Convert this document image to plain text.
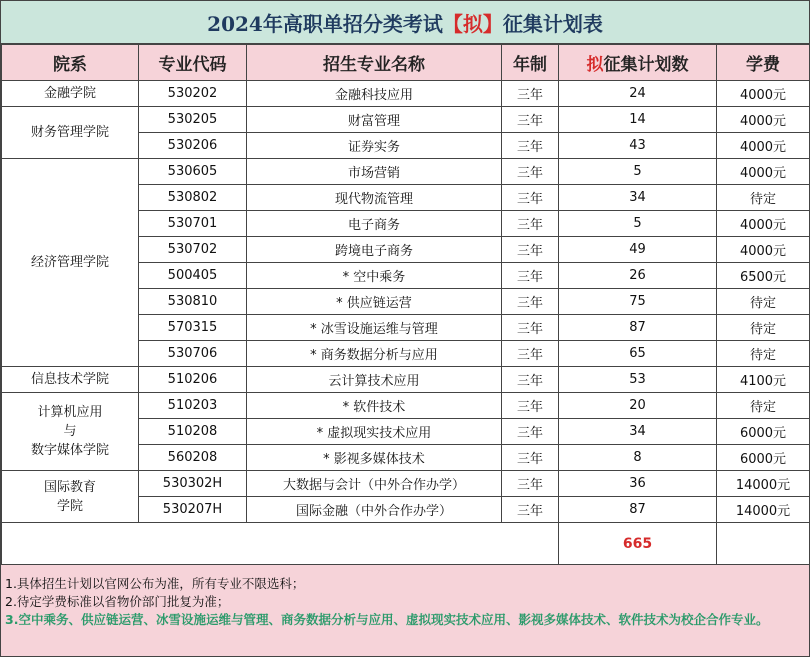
2024年高职单招分类考试 【拟】 征集计划表
院系	专业代码	招生专业名称	年制	拟征集计划数	学费

金融学院	530202	金融科技应用	三年	24	4000元

财务管理学院	530205	财富管理	三年	14	4000元
	530206	证券实务	三年	43	4000元

经济管理学院	530605	市场营销	三年	5	4000元
	530802	现代物流管理	三年	34	待定
	530701	电子商务	三年	5	4000元
	530702	跨境电子商务	三年	49	4000元
	500405	* 空中乘务	三年	26	6500元
	530810	* 供应链运营	三年	75	待定
	570315	* 冰雪设施运维与管理	三年	87	待定
	530706	* 商务数据分析与应用	三年	65	待定

信息技术学院	510206	云计算技术应用	三年	53	4100元

计算机应用
与
数字媒体学院	510203	* 软件技术	三年	20	待定
	510208	* 虚拟现实技术应用	三年	34	6000元
	560208	* 影视多媒体技术	三年	8	6000元

国际教育
学院	530302H	大数据与会计（中外合作办学）	三年	36	14000元
	530207H	国际金融（中外合作办学）	三年	87	14000元
				665	
1.具体招生计划以官网公布为准，所有专业不限选科；
2.待定学费标准以省物价部门批复为准；
3.空中乘务、供应链运营、冰雪设施运维与管理、商务数据分析与应用、虚拟现实技术应用、影视多媒体技术、软件技术为校企合作专业。
